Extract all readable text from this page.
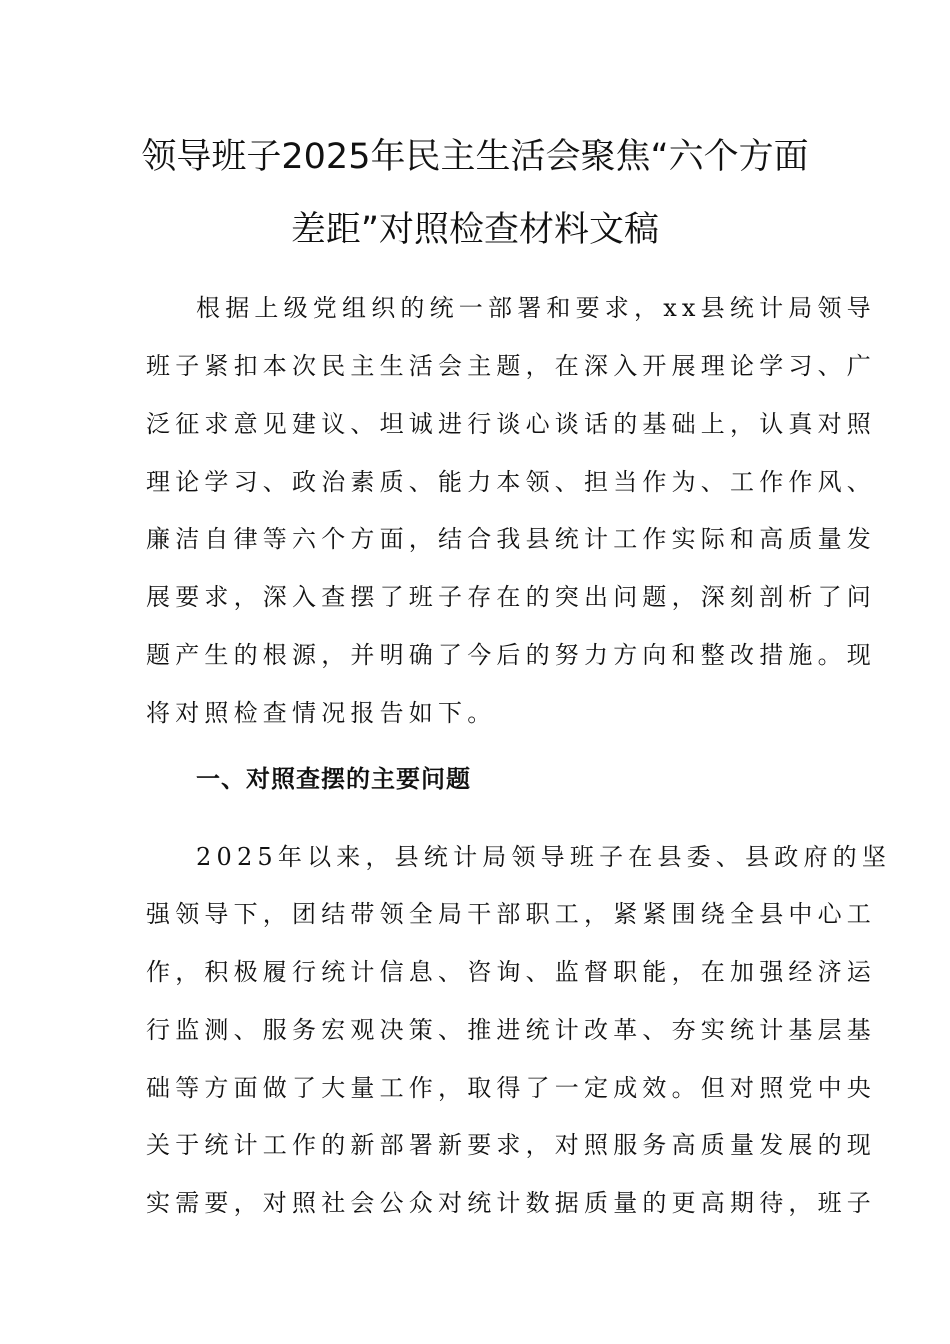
领导班子2025年民主生活会聚焦“六个方面
差距”对照检查材料文稿
根据上级党组织的统一部署和要求，xx县统计局领导
班子紧扣本次民主生活会主题，在深入开展理论学习、广
泛征求意见建议、坦诚进行谈心谈话的基础上，认真对照
理论学习、政治素质、能力本领、担当作为、工作作风、
廉洁自律等六个方面，结合我县统计工作实际和高质量发
展要求，深入查摆了班子存在的突出问题，深刻剖析了问
题产生的根源，并明确了今后的努力方向和整改措施。现
将对照检查情况报告如下。
一、对照查摆的主要问题
2025年以来，县统计局领导班子在县委、县政府的坚
强领导下，团结带领全局干部职工，紧紧围绕全县中心工
作，积极履行统计信息、咨询、监督职能，在加强经济运
行监测、服务宏观决策、推进统计改革、夯实统计基层基
础等方面做了大量工作，取得了一定成效。但对照党中央
关于统计工作的新部署新要求，对照服务高质量发展的现
实需要，对照社会公众对统计数据质量的更高期待，班子
